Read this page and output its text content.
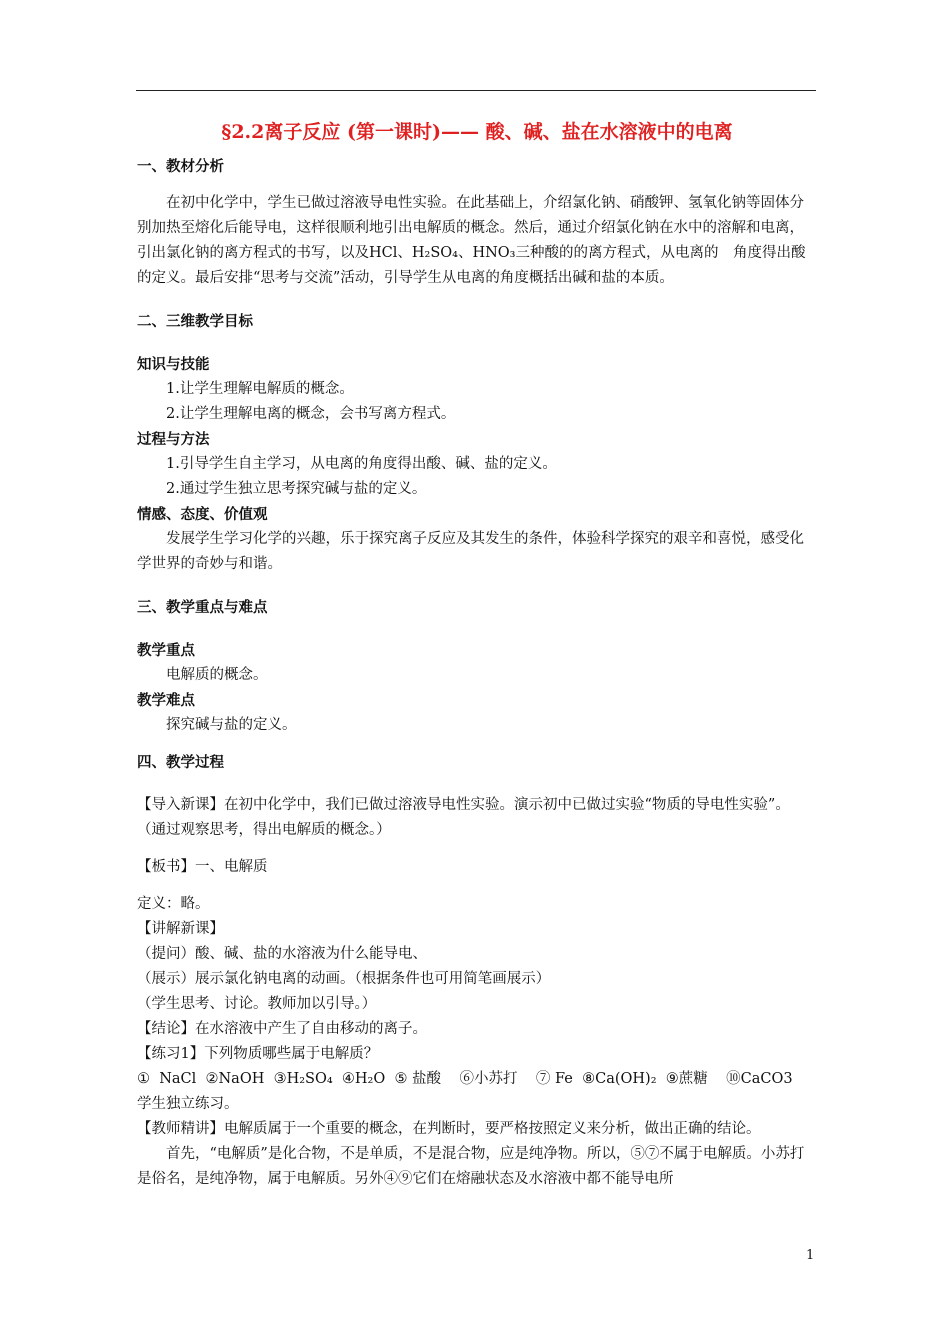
§2.2离子反应 (第一课时)—— 酸、碱、盐在水溶液中的电离

一、教材分析

在初中化学中，学生已做过溶液导电性实验。在此基础上，介绍氯化钠、硝酸钾、氢氧化钠等固体分别加热至熔化后能导电，这样很顺利地引出电解质的概念。然后，通过介绍氯化钠在水中的溶解和电离，引出氯化钠的离方程式的书写，以及HCl、H₂SO₄、HNO₃三种酸的的离方程式，从电离的　角度得出酸的定义。最后安排“思考与交流”活动，引导学生从电离的角度概括出碱和盐的本质。

二、三维教学目标

知识与技能

1.让学生理解电解质的概念。

2.让学生理解电离的概念，会书写离方程式。

过程与方法

1.引导学生自主学习，从电离的角度得出酸、碱、盐的定义。

2.通过学生独立思考探究碱与盐的定义。

情感、态度、价值观

发展学生学习化学的兴趣，乐于探究离子反应及其发生的条件，体验科学探究的艰辛和喜悦，感受化学世界的奇妙与和谐。

三、教学重点与难点

教学重点

电解质的概念。

教学难点

探究碱与盐的定义。

四、教学过程

【导入新课】在初中化学中，我们已做过溶液导电性实验。演示初中已做过实验“物质的导电性实验”。

（通过观察思考，得出电解质的概念。）

【板书】一、电解质

定义：略。

【讲解新课】

（提问）酸、碱、盐的水溶液为什么能导电、

（展示）展示氯化钠电离的动画。（根据条件也可用简笔画展示）

（学生思考、讨论。教师加以引导。）

【结论】在水溶液中产生了自由移动的离子。

【练习1】下列物质哪些属于电解质？

①  NaCl  ②NaOH  ③H₂SO₄  ④H₂O  ⑤ 盐酸    ⑥小苏打    ⑦ Fe  ⑧Ca(OH)₂  ⑨蔗糖    ⑩CaCO3

学生独立练习。

【教师精讲】电解质属于一个重要的概念，在判断时，要严格按照定义来分析，做出正确的结论。

首先，“电解质”是化合物，不是单质，不是混合物，应是纯净物。所以，⑤⑦不属于电解质。小苏打是俗名，是纯净物，属于电解质。另外④⑨它们在熔融状态及水溶液中都不能导电所

1
